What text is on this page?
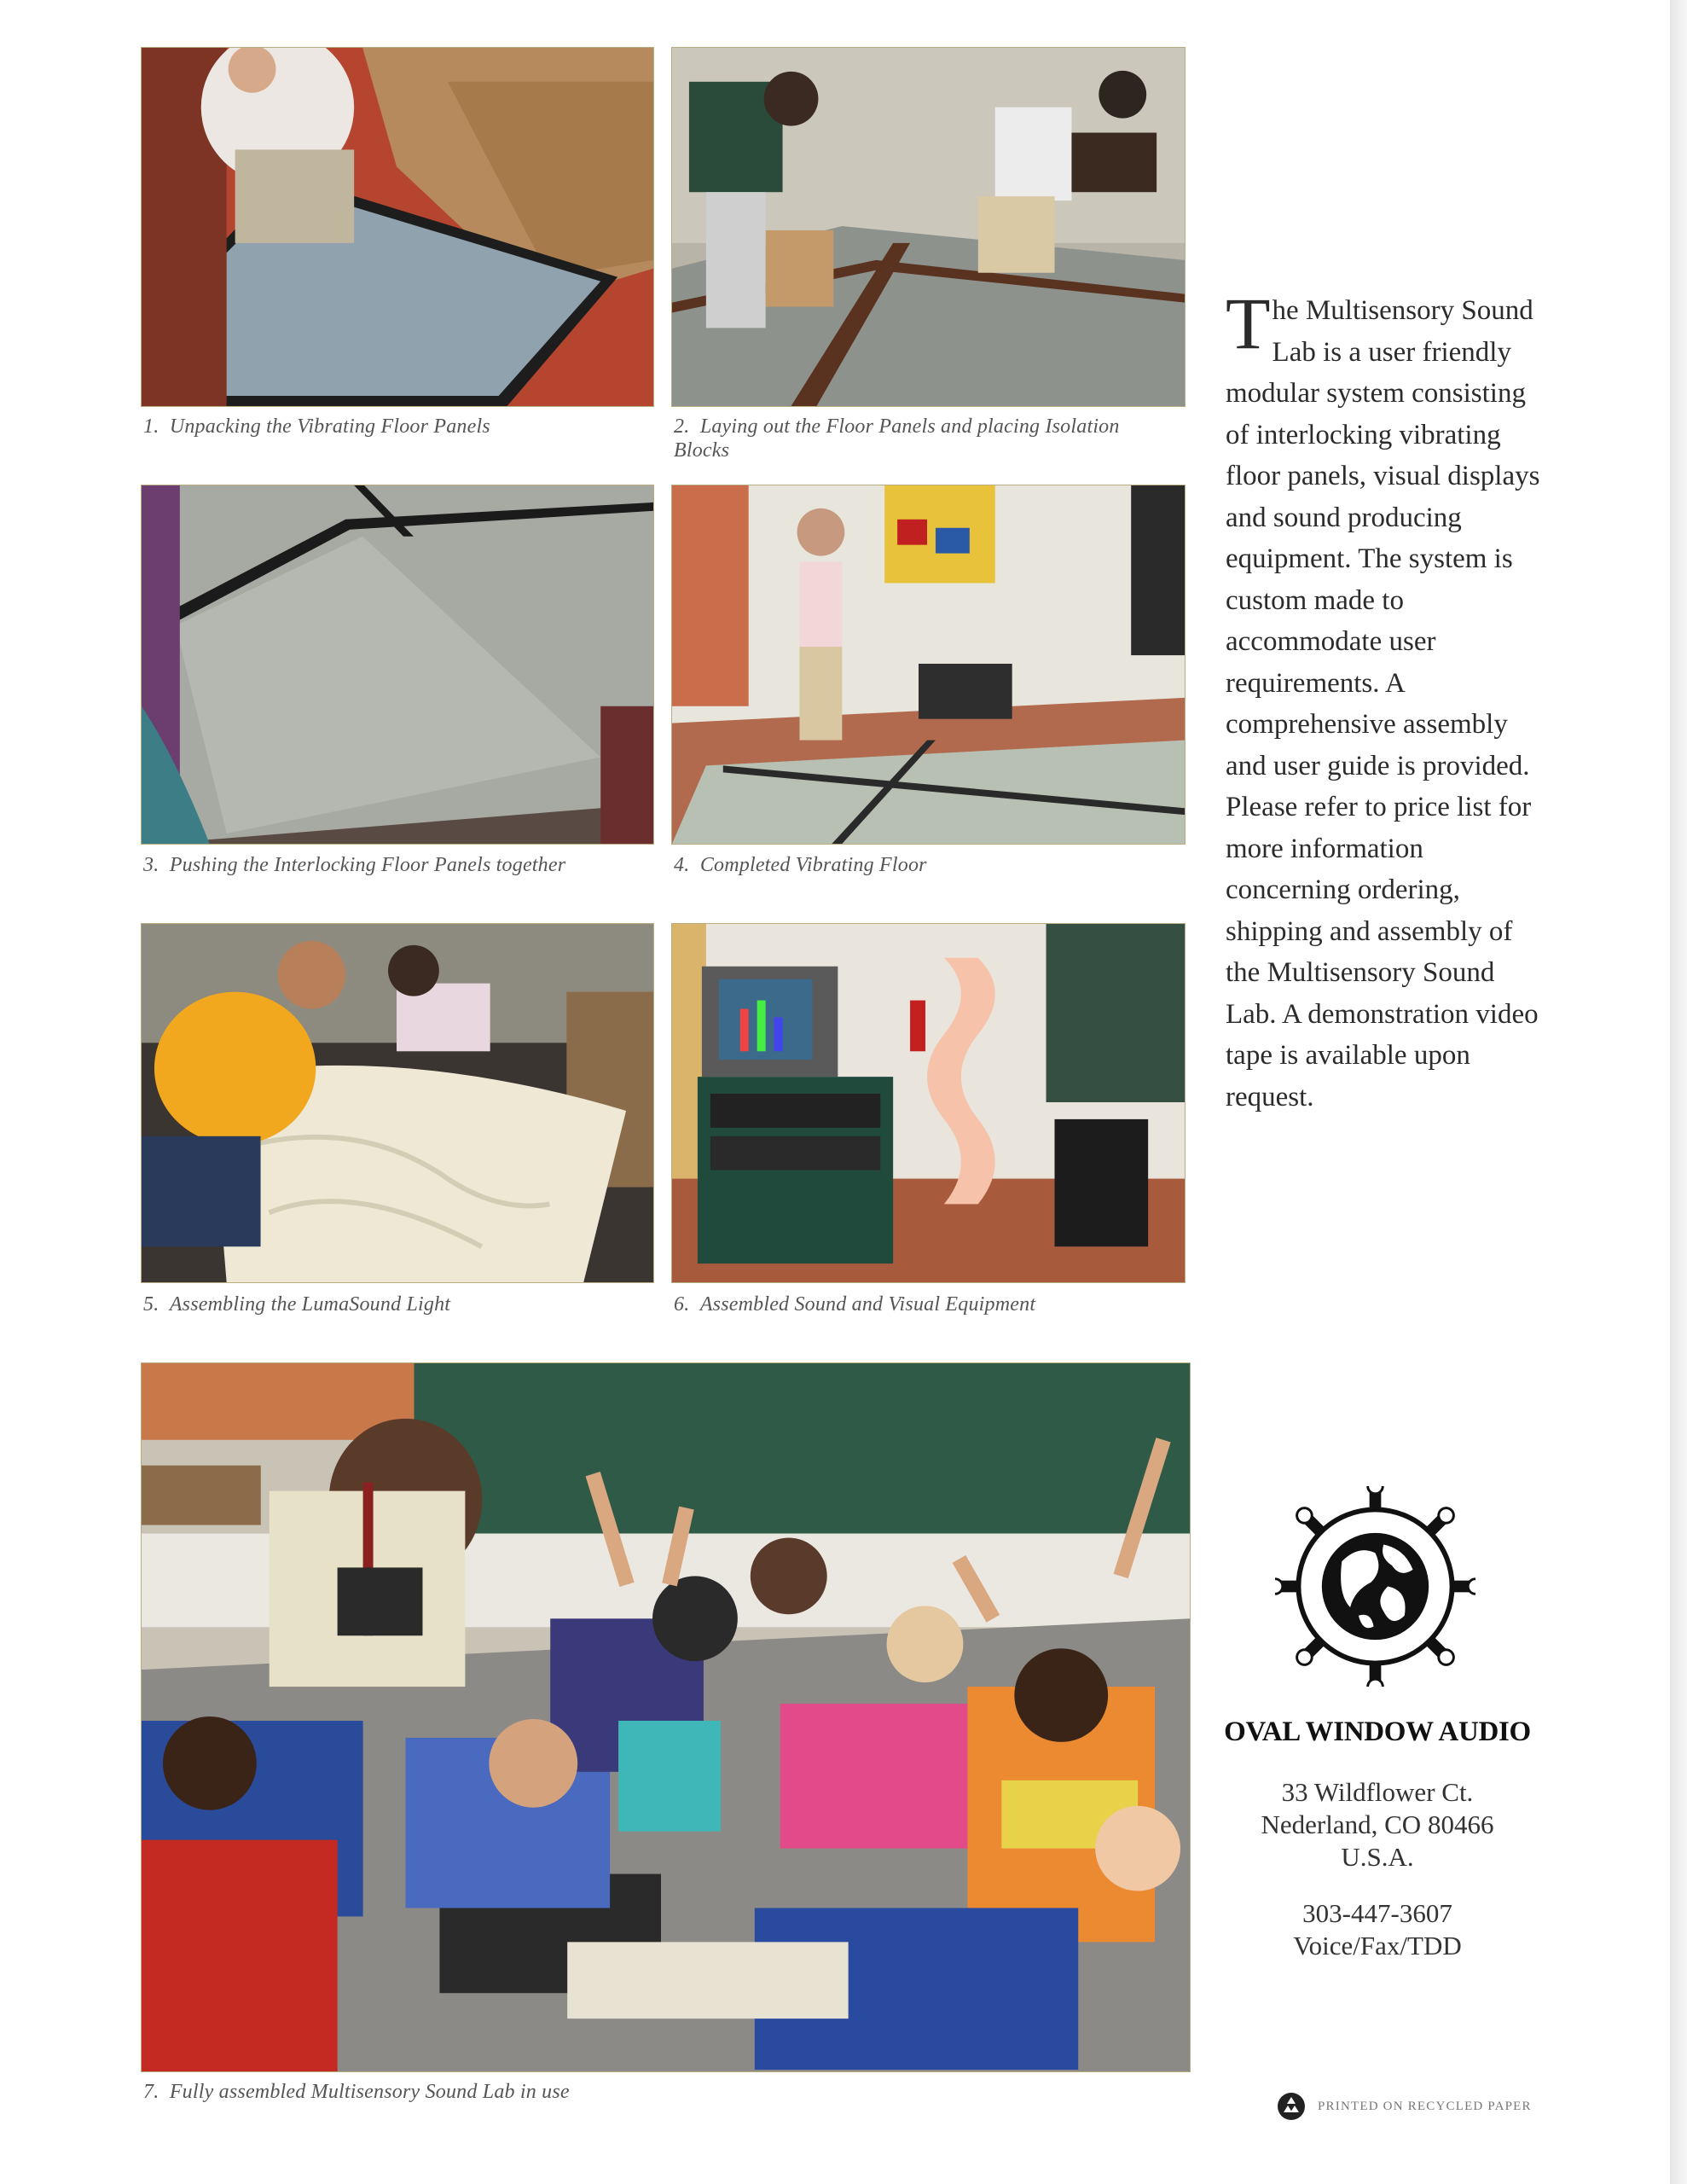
1. Unpacking the Vibrating Floor Panels	2. Laying out the Floor Panels and placing Isolation Blocks
3. Pushing the Interlocking Floor Panels together	4. Completed Vibrating Floor
5. Assembling the LumaSound Light	6. Assembled Sound and Visual Equipment
7. Fully assembled Multisensory Sound Lab in use
The Multisensory Sound Lab is a user friendly modular system consisting of interlocking vibrating floor panels, visual displays and sound producing equipment. The system is custom made to accommodate user requirements. A comprehensive assembly and user guide is provided. Please refer to price list for more information concerning ordering, shipping and assembly of the Multisensory Sound Lab. A demonstration video tape is available upon request.
OVAL WINDOW AUDIO
33 Wildflower Ct.
Nederland, CO 80466
U.S.A.
303-447-3607
Voice/Fax/TDD
PRINTED ON RECYCLED PAPER
